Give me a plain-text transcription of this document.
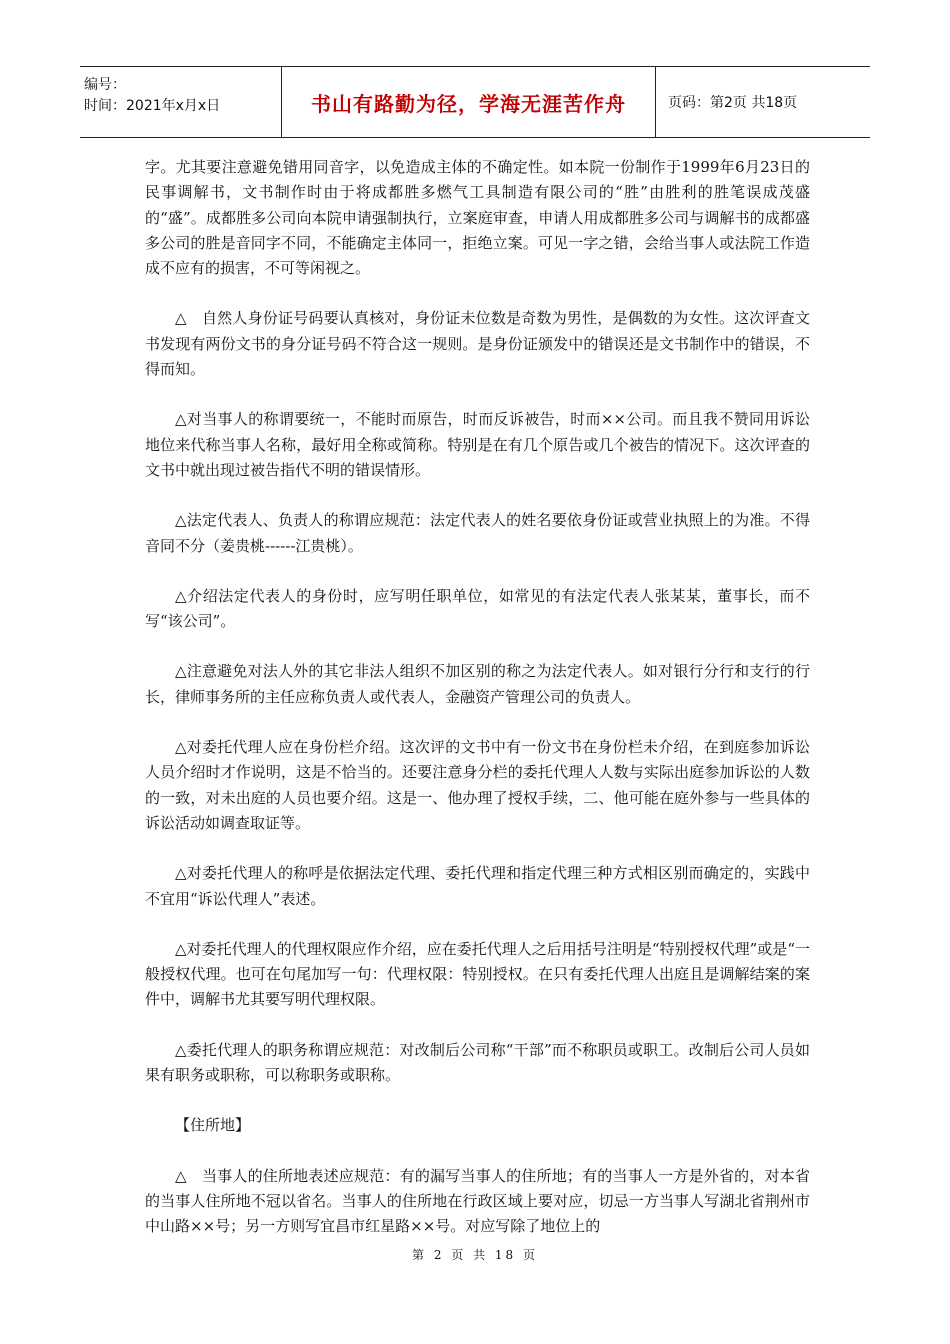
编号：
时间：2021年x月x日	书山有路勤为径，学海无涯苦作舟	页码：第2页 共18页

字。尤其要注意避免错用同音字，以免造成主体的不确定性。如本院一份制作于1999年6月23日的民事调解书，文书制作时由于将成都胜多燃气工具制造有限公司的“胜”由胜利的胜笔误成茂盛的“盛”。成都胜多公司向本院申请强制执行，立案庭审查，申请人用成都胜多公司与调解书的成都盛多公司的胜是音同字不同，不能确定主体同一，拒绝立案。可见一字之错，会给当事人或法院工作造成不应有的损害，不可等闲视之。

△　自然人身份证号码要认真核对，身份证未位数是奇数为男性，是偶数的为女性。这次评查文书发现有两份文书的身分证号码不符合这一规则。是身份证颁发中的错误还是文书制作中的错误，不得而知。

△对当事人的称谓要统一，不能时而原告，时而反诉被告，时而××公司。而且我不赞同用诉讼地位来代称当事人名称，最好用全称或简称。特别是在有几个原告或几个被告的情况下。这次评查的文书中就出现过被告指代不明的错误情形。

△法定代表人、负责人的称谓应规范：法定代表人的姓名要依身份证或营业执照上的为准。不得音同不分（姜贵桃------江贵桃）。

△介绍法定代表人的身份时，应写明任职单位，如常见的有法定代表人张某某，董事长，而不写“该公司”。

△注意避免对法人外的其它非法人组织不加区别的称之为法定代表人。如对银行分行和支行的行长，律师事务所的主任应称负责人或代表人，金融资产管理公司的负责人。

△对委托代理人应在身份栏介绍。这次评的文书中有一份文书在身份栏未介绍，在到庭参加诉讼人员介绍时才作说明，这是不恰当的。还要注意身分栏的委托代理人人数与实际出庭参加诉讼的人数的一致，对未出庭的人员也要介绍。这是一、他办理了授权手续，二、他可能在庭外参与一些具体的诉讼活动如调查取证等。

△对委托代理人的称呼是依据法定代理、委托代理和指定代理三种方式相区别而确定的，实践中不宜用“诉讼代理人”表述。

△对委托代理人的代理权限应作介绍，应在委托代理人之后用括号注明是“特别授权代理”或是“一般授权代理。也可在句尾加写一句：代理权限：特别授权。在只有委托代理人出庭且是调解结案的案件中，调解书尤其要写明代理权限。

△委托代理人的职务称谓应规范：对改制后公司称“干部”而不称职员或职工。改制后公司人员如果有职务或职称，可以称职务或职称。

【住所地】

△　当事人的住所地表述应规范：有的漏写当事人的住所地；有的当事人一方是外省的，对本省的当事人住所地不冠以省名。当事人的住所地在行政区域上要对应，切忌一方当事人写湖北省荆州市中山路××号；另一方则写宜昌市红星路××号。对应写除了地位上的

第 2 页 共 18 页
